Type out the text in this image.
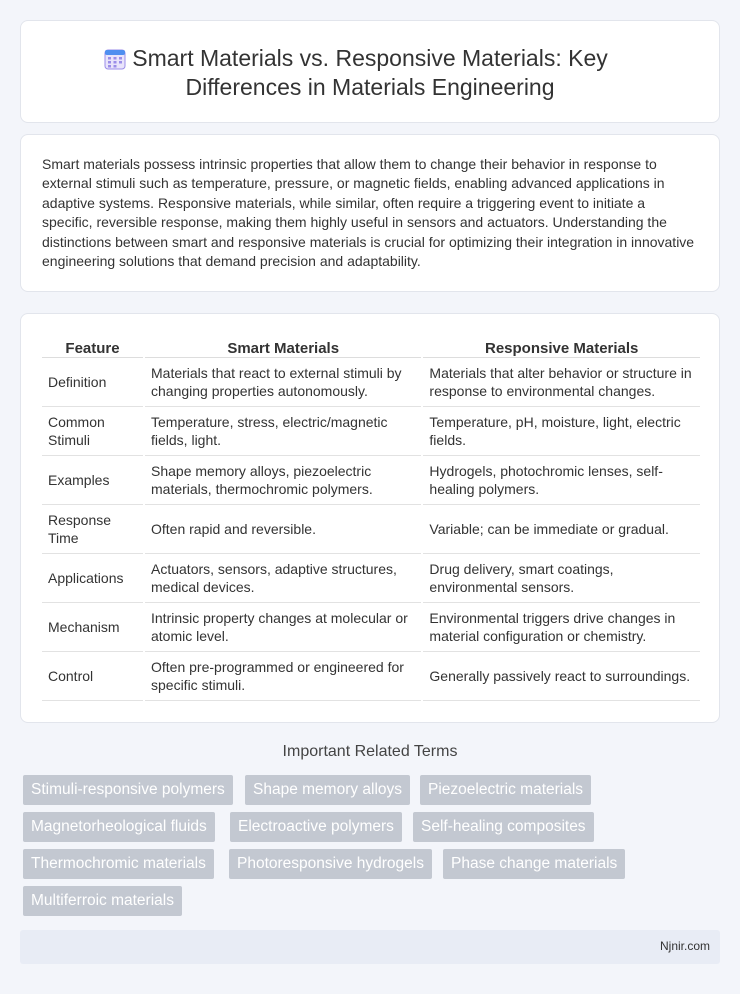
Smart Materials vs. Responsive Materials: Key Differences in Materials Engineering

Smart materials possess intrinsic properties that allow them to change their behavior in response to external stimuli such as temperature, pressure, or magnetic fields, enabling advanced applications in adaptive systems. Responsive materials, while similar, often require a triggering event to initiate a specific, reversible response, making them highly useful in sensors and actuators. Understanding the distinctions between smart and responsive materials is crucial for optimizing their integration in innovative engineering solutions that demand precision and adaptability.

Feature	Smart Materials	Responsive Materials
Definition	Materials that react to external stimuli by changing properties autonomously.	Materials that alter behavior or structure in response to environmental changes.
Common Stimuli	Temperature, stress, electric/magnetic fields, light.	Temperature, pH, moisture, light, electric fields.
Examples	Shape memory alloys, piezoelectric materials, thermochromic polymers.	Hydrogels, photochromic lenses, self-healing polymers.
Response Time	Often rapid and reversible.	Variable; can be immediate or gradual.
Applications	Actuators, sensors, adaptive structures, medical devices.	Drug delivery, smart coatings, environmental sensors.
Mechanism	Intrinsic property changes at molecular or atomic level.	Environmental triggers drive changes in material configuration or chemistry.
Control	Often pre-programmed or engineered for specific stimuli.	Generally passively react to surroundings.
Important Related Terms
Stimuli-responsive polymers	Shape memory alloys	Piezoelectric materials
Magnetorheological fluids	Electroactive polymers	Self-healing composites
Thermochromic materials	Photoresponsive hydrogels	Phase change materials
Multiferroic materials
Njnir.com
